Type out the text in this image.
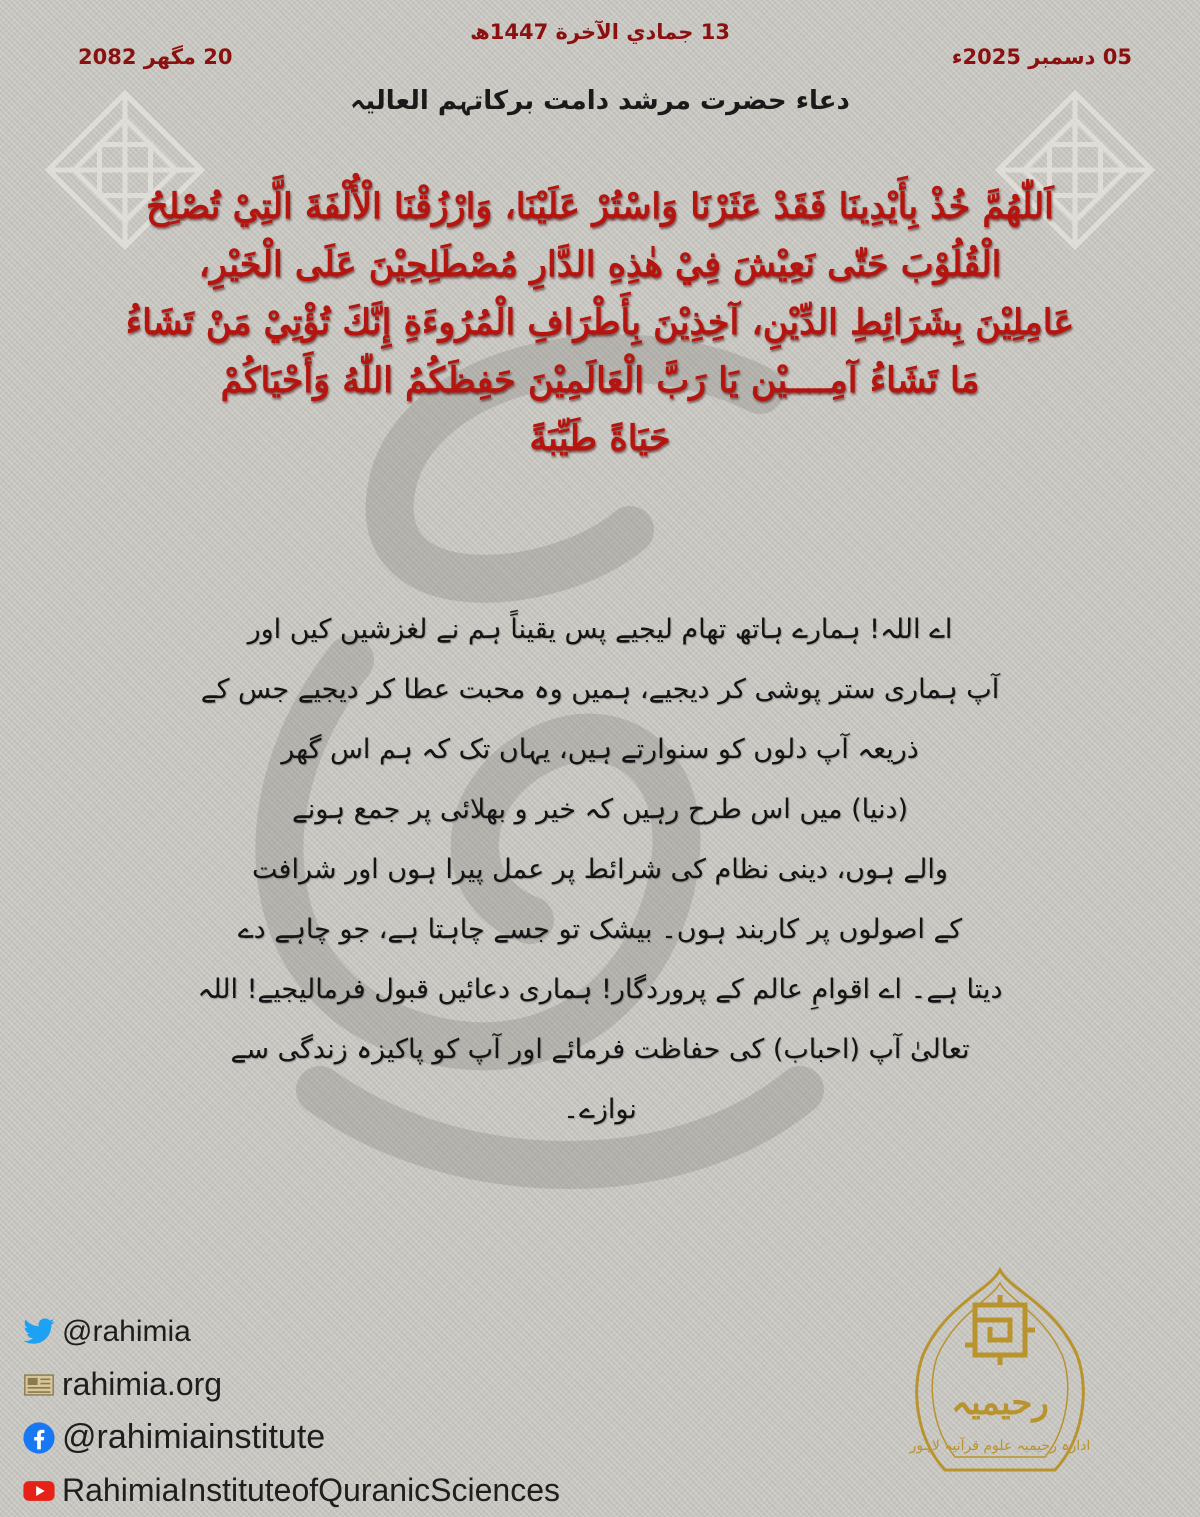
13 جمادي الآخرة 1447ھ
20 مگھر 2082	05 دسمبر 2025ء
دعاء حضرت مرشد دامت برکاتہم العالیہ
اَللّٰهُمَّ خُذْ بِأَيْدِينَا فَقَدْ عَثَرْنَا وَاسْتُرْ عَلَيْنَا، وَارْزُقْنَا الْأُلْفَةَ الَّتِيْ تُصْلِحُ
الْقُلُوْبَ حَتّٰى نَعِيْشَ فِيْ هٰذِهِ الدَّارِ مُصْطَلِحِيْنَ عَلَى الْخَيْرِ،
عَامِلِيْنَ بِشَرَائِطِ الدِّيْنِ، آخِذِيْنَ بِأَطْرَافِ الْمُرُوءَةِ إِنَّكَ تُؤْتِيْ مَنْ تَشَاءُ
مَا تَشَاءُ آمِــــيْن يَا رَبَّ الْعَالَمِيْنَ حَفِظَكُمُ اللّٰهُ وَأَحْيَاكُمْ
حَيَاةً طَيِّبَةً
اے اللہ! ہمارے ہاتھ تھام لیجیے پس یقیناً ہم نے لغزشیں کیں اور
آپ ہماری ستر پوشی کر دیجیے، ہمیں وہ محبت عطا کر دیجیے جس کے
ذریعہ آپ دلوں کو سنوارتے ہیں، یہاں تک کہ ہم اس گھر
(دنیا) میں اس طرح رہیں کہ خیر و بھلائی پر جمع ہونے
والے ہوں، دینی نظام کی شرائط پر عمل پیرا ہوں اور شرافت
کے اصولوں پر کاربند ہوں۔ بیشک تو جسے چاہتا ہے، جو چاہے دے
دیتا ہے۔ اے اقوامِ عالم کے پروردگار! ہماری دعائیں قبول فرمالیجیے! اللہ
تعالیٰ آپ (احباب) کی حفاظت فرمائے اور آپ کو پاکیزہ زندگی سے
نوازے۔
@rahimia
rahimia.org
@rahimiainstitute
RahimiaInstituteofQuranicSciences
رحیمیہ
ادارہ رحیمیہ علوم قرآنیہ لاہور
